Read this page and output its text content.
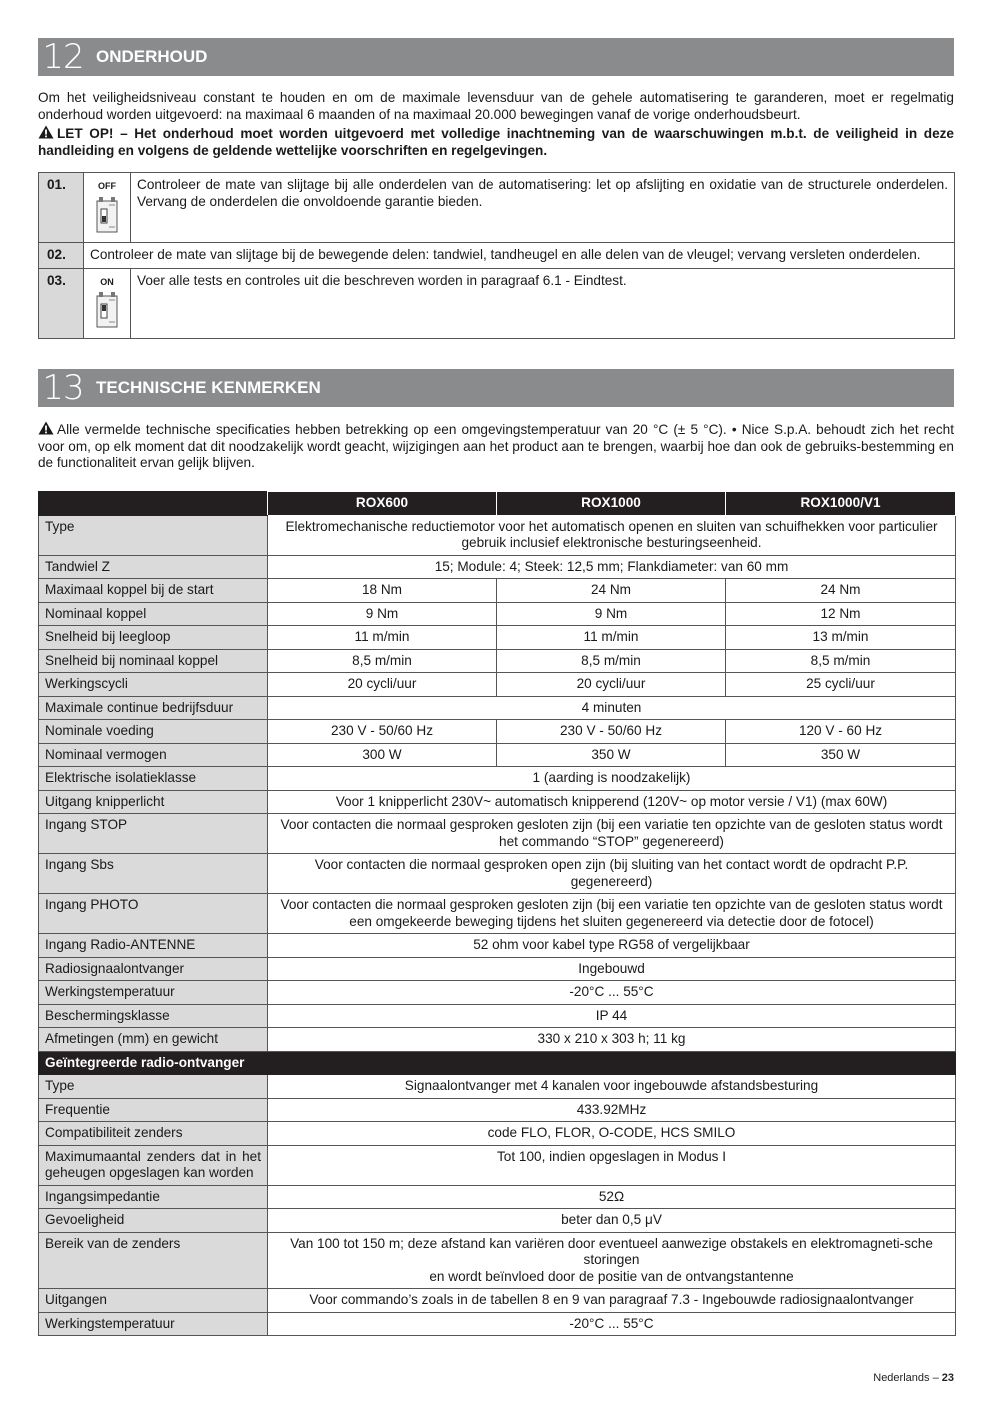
12 ONDERHOUD
Om het veiligheidsniveau constant te houden en om de maximale levensduur van de gehele automatisering te garanderen, moet er regelmatig onderhoud worden uitgevoerd: na maximaal 6 maanden of na maximaal 20.000 bewegingen vanaf de vorige onderhoudsbeurt.
LET OP! – Het onderhoud moet worden uitgevoerd met volledige inachtneming van de waarschuwingen m.b.t. de veiligheid in deze handleiding en volgens de geldende wettelijke voorschriften en regelgevingen.
01.	OFF	Controleer de mate van slijtage bij alle onderdelen van de automatisering: let op afslijting en oxidatie van de structurele onderdelen. Vervang de onderdelen die onvoldoende garantie bieden.
02.	Controleer de mate van slijtage bij de bewegende delen: tandwiel, tandheugel en alle delen van de vleugel; vervang versleten onderdelen.	
03.	ON	Voer alle tests en controles uit die beschreven worden in paragraaf 6.1 - Eindtest.
13 TECHNISCHE KENMERKEN
Alle vermelde technische specificaties hebben betrekking op een omgevingstemperatuur van 20 °C (± 5 °C). • Nice S.p.A. behoudt zich het recht voor om, op elk moment dat dit noodzakelijk wordt geacht, wijzigingen aan het product aan te brengen, waarbij hoe dan ook de gebruiks-bestemming en de functionaliteit ervan gelijk blijven.
	ROX600	ROX1000	ROX1000/V1
Type	Elektromechanische reductiemotor voor het automatisch openen en sluiten van schuifhekken voor particulier gebruik inclusief elektronische besturingseenheid.		
Tandwiel Z	15; Module: 4; Steek: 12,5 mm; Flankdiameter: van 60 mm		
Maximaal koppel bij de start	18 Nm	24 Nm	24 Nm
Nominaal koppel	9 Nm	9 Nm	12 Nm
Snelheid bij leegloop	11 m/min	11 m/min	13 m/min
Snelheid bij nominaal koppel	8,5 m/min	8,5 m/min	8,5 m/min
Werkingscycli	20 cycli/uur	20 cycli/uur	25 cycli/uur
Maximale continue bedrijfsduur	4 minuten		
Nominale voeding	230 V - 50/60 Hz	230 V - 50/60 Hz	120 V - 60 Hz
Nominaal vermogen	300 W	350 W	350 W
Elektrische isolatieklasse	1 (aarding is noodzakelijk)		
Uitgang knipperlicht	Voor 1 knipperlicht 230V~ automatisch knipperend (120V~ op motor versie / V1) (max 60W)		
Ingang STOP	Voor contacten die normaal gesproken gesloten zijn (bij een variatie ten opzichte van de gesloten status wordt het commando “STOP” gegenereerd)		
Ingang Sbs	Voor contacten die normaal gesproken open zijn (bij sluiting van het contact wordt de opdracht P.P. gegenereerd)		
Ingang PHOTO	Voor contacten die normaal gesproken gesloten zijn (bij een variatie ten opzichte van de gesloten status wordt een omgekeerde beweging tijdens het sluiten gegenereerd via detectie door de fotocel)		
Ingang Radio-ANTENNE	52 ohm voor kabel type RG58 of vergelijkbaar		
Radiosignaalontvanger	Ingebouwd		
Werkingstemperatuur	-20°C ... 55°C		
Beschermingsklasse	IP 44		
Afmetingen (mm) en gewicht	330 x 210 x 303 h; 11 kg		
Geïntegreerde radio-ontvanger			
Type	Signaalontvanger met 4 kanalen voor ingebouwde afstandsbesturing		
Frequentie	433.92MHz		
Compatibiliteit zenders	code FLO, FLOR, O-CODE, HCS SMILO		
Maximumaantal zenders dat in het geheugen opgeslagen kan worden	Tot 100, indien opgeslagen in Modus I		
Ingangsimpedantie	52Ω		
Gevoeligheid	beter dan 0,5 μV		
Bereik van de zenders	Van 100 tot 150 m; deze afstand kan variëren door eventueel aanwezige obstakels en elektromagneti-sche storingen
en wordt beïnvloed door de positie van de ontvangstantenne		
Uitgangen	Voor commando’s zoals in de tabellen 8 en 9 van paragraaf 7.3 - Ingebouwde radiosignaalontvanger		
Werkingstemperatuur	-20°C ... 55°C		
Nederlands – 23
